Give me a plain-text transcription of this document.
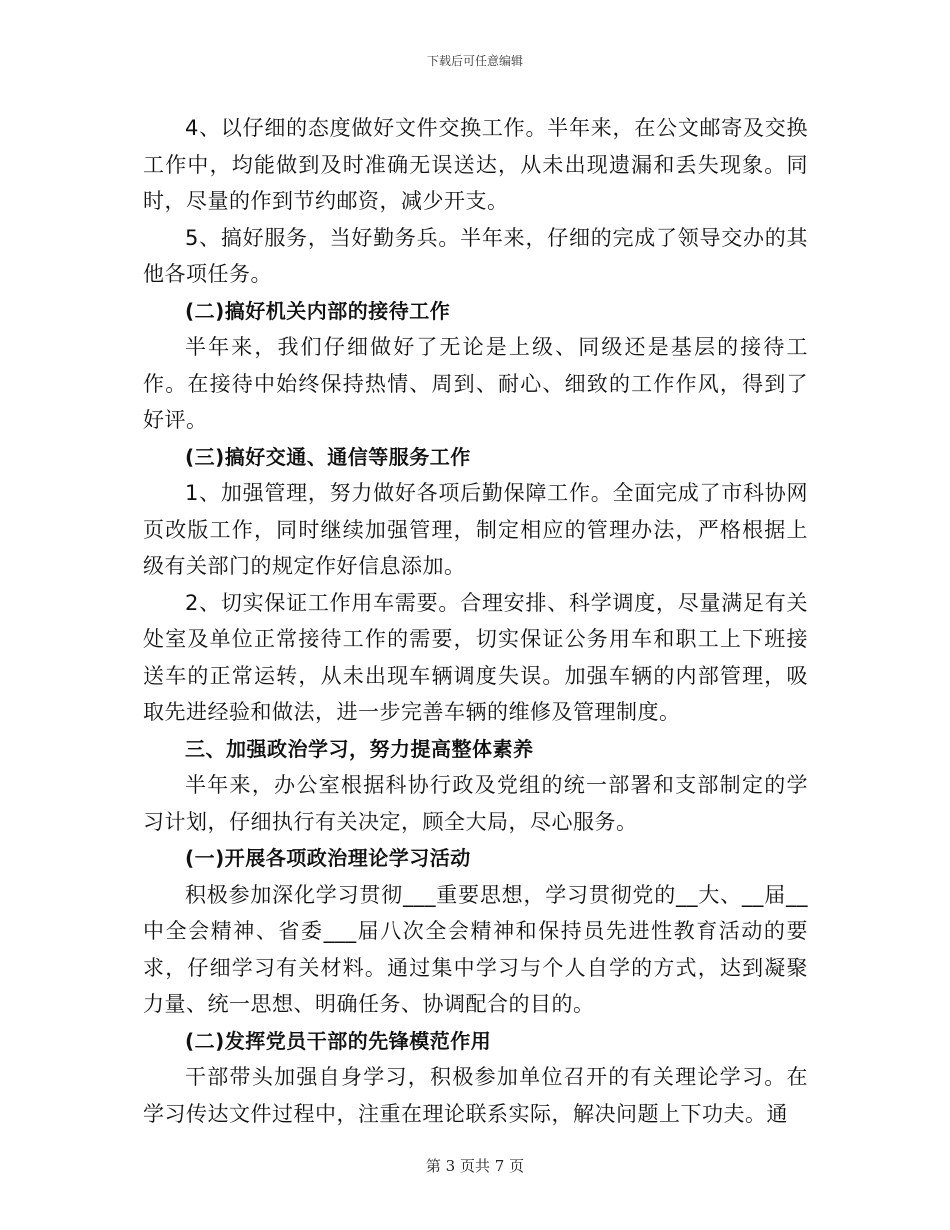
下载后可任意编辑

4、以仔细的态度做好文件交换工作。半年来，在公文邮寄及交换工作中，均能做到及时准确无误送达，从未出现遗漏和丢失现象。同时，尽量的作到节约邮资，减少开支。

5、搞好服务，当好勤务兵。半年来，仔细的完成了领导交办的其他各项任务。

(二)搞好机关内部的接待工作

半年来，我们仔细做好了无论是上级、同级还是基层的接待工作。在接待中始终保持热情、周到、耐心、细致的工作作风，得到了好评。

(三)搞好交通、通信等服务工作

1、加强管理，努力做好各项后勤保障工作。全面完成了市科协网页改版工作，同时继续加强管理，制定相应的管理办法，严格根据上级有关部门的规定作好信息添加。

2、切实保证工作用车需要。合理安排、科学调度，尽量满足有关处室及单位正常接待工作的需要，切实保证公务用车和职工上下班接送车的正常运转，从未出现车辆调度失误。加强车辆的内部管理，吸取先进经验和做法，进一步完善车辆的维修及管理制度。

三、加强政治学习，努力提高整体素养

半年来，办公室根据科协行政及党组的统一部署和支部制定的学习计划，仔细执行有关决定，顾全大局，尽心服务。

(一)开展各项政治理论学习活动

积极参加深化学习贯彻___重要思想，学习贯彻党的__大、__届__中全会精神、省委___届八次全会精神和保持员先进性教育活动的要求，仔细学习有关材料。通过集中学习与个人自学的方式，达到凝聚力量、统一思想、明确任务、协调配合的目的。

(二)发挥党员干部的先锋模范作用

干部带头加强自身学习，积极参加单位召开的有关理论学习。在学习传达文件过程中，注重在理论联系实际，解决问题上下功夫。通

第 3 页共 7 页
